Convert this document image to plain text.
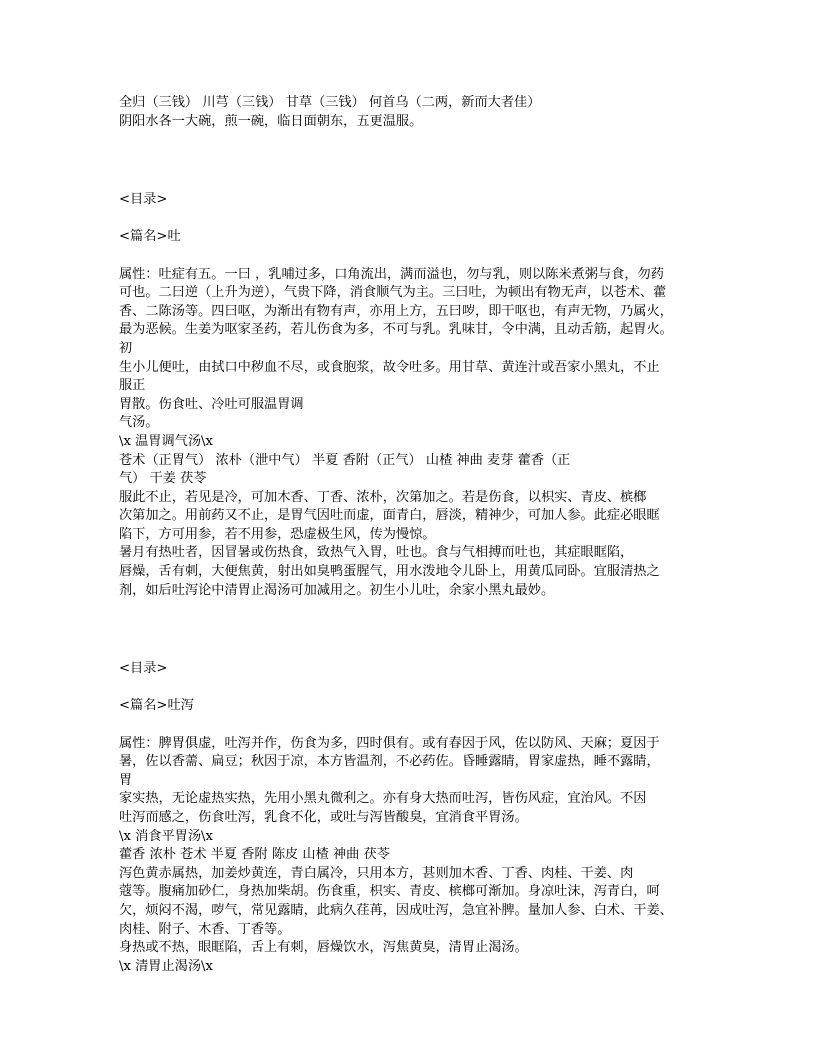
全归（三钱） 川芎（三钱） 甘草（三钱） 何首乌（二两，新而大者佳）
阴阳水各一大碗，煎一碗，临日面朝东，五更温服。
<目录>
<篇名>吐
属性：吐症有五。一曰 ，乳哺过多，口角流出，满而溢也，勿与乳，则以陈米煮粥与食，勿药
可也。二曰逆（上升为逆），气贵下降，消食顺气为主。三曰吐，为顿出有物无声，以苍术、藿
香、二陈汤等。四曰呕，为渐出有物有声，亦用上方，五曰哕，即干呕也，有声无物，乃属火，
最为恶候。生姜为呕家圣药，若儿伤食为多，不可与乳。乳味甘，令中满，且动舌筋，起胃火。
初
生小儿便吐，由拭口中秽血不尽，或食胞浆，故令吐多。用甘草、黄连汁或吾家小黑丸，不止
服正
胃散。伤食吐、冷吐可服温胃调
气汤。
\x 温胃调气汤\x
苍术（正胃气） 浓朴（泄中气） 半夏 香附（正气） 山楂 神曲 麦芽 藿香（正
气） 干姜 茯苓
服此不止，若见是冷，可加木香、丁香、浓朴，次第加之。若是伤食，以枳实、青皮、槟榔
次第加之。用前药又不止，是胃气因吐而虚，面青白，唇淡，精神少，可加人参。此症必眼眶
陷下，方可用参，若不用参，恐虚极生风，传为慢惊。
暑月有热吐者，因冒暑或伤热食，致热气入胃，吐也。食与气相搏而吐也，其症眼眶陷，
唇燥，舌有刺，大便焦黄，射出如臭鸭蛋腥气，用水泼地令儿卧上，用黄瓜同卧。宜服清热之
剂，如后吐泻论中清胃止渴汤可加减用之。初生小儿吐，余家小黑丸最妙。
<目录>
<篇名>吐泻
属性：脾胃俱虚，吐泻并作，伤食为多，四时俱有。或有春因于风，佐以防风、天麻；夏因于
暑，佐以香薷、扁豆；秋因于凉，本方皆温剂，不必药佐。昏睡露睛，胃家虚热，睡不露睛，
胃
家实热，无论虚热实热，先用小黑丸微利之。亦有身大热而吐泻，皆伤风症，宜治风。不因
吐泻而感之，伤食吐泻，乳食不化，或吐与泻皆酸臭，宜消食平胃汤。
\x 消食平胃汤\x
藿香 浓朴 苍术 半夏 香附 陈皮 山楂 神曲 茯苓
泻色黄赤属热，加姜炒黄连，青白属冷，只用本方，甚则加木香、丁香、肉桂、干姜、肉
蔻等。腹痛加砂仁，身热加柴胡。伤食重，枳实、青皮、槟榔可渐加。身凉吐沫，泻青白，呵
欠，烦闷不渴，哕气，常见露睛，此病久荏苒，因成吐泻，急宜补脾。量加人参、白术、干姜、
肉桂、附子、木香、丁香等。
身热或不热，眼眶陷，舌上有刺，唇燥饮水，泻焦黄臭，清胃止渴汤。
\x 清胃止渴汤\x
